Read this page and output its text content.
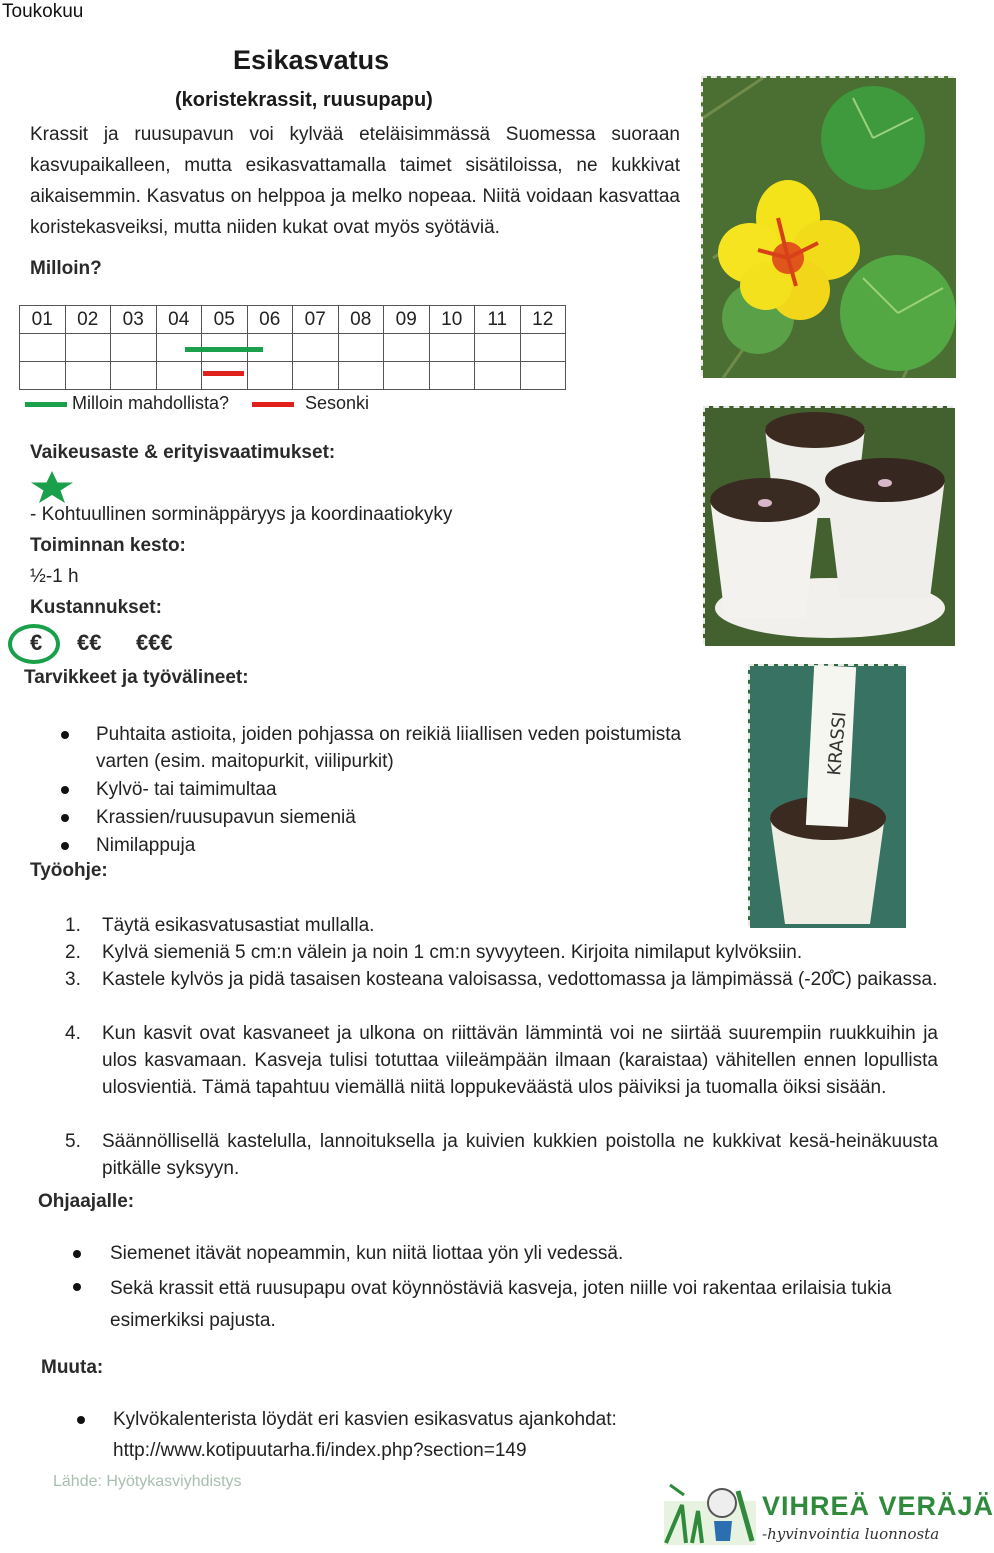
Toukokuu
Esikasvatus
(koristekrassit, ruusupapu)
Krassit ja ruusupavun voi kylvää eteläisimmässä Suomessa suoraan kasvupaikalleen, mutta esikasvattamalla taimet sisätiloissa, ne kukkivat aikaisemmin. Kasvatus on helppoa ja melko nopeaa. Niitä voidaan kasvattaa koristekasveiksi, mutta niiden kukat ovat myös syötäviä.
Milloin?
01	02	03	04	05	06	07	08	09	10	11	12

Milloin mahdollista?	Sesonki
Vaikeusaste & erityisvaatimukset:
- Kohtuullinen sorminäppäryys ja koordinaatiokyky
Toiminnan kesto:
½-1 h
Kustannukset:
€ €€ €€€
Tarvikkeet ja työvälineet:
Puhtaita astioita, joiden pohjassa on reikiä liiallisen veden poistumista
varten (esim. maitopurkit, viilipurkit)
Kylvö- tai taimimultaa
Krassien/ruusupavun siemeniä
Nimilappuja
Työohje:
1. Täytä esikasvatusastiat mullalla.
2. Kylvä siemeniä 5 cm:n välein ja noin 1 cm:n syvyyteen. Kirjoita nimilaput kylvöksiin.
3. Kastele kylvös ja pidä tasaisen kosteana valoisassa, vedottomassa ja lämpimässä (-20̊C) paikassa.
4. Kun kasvit ovat kasvaneet ja ulkona on riittävän lämmintä voi ne siirtää suurempiin ruukkuihin ja ulos kasvamaan. Kasveja tulisi totuttaa viileämpään ilmaan (karaistaa) vähitellen ennen lopullista ulosvientiä. Tämä tapahtuu viemällä niitä loppukeväästä ulos päiviksi ja tuomalla öiksi sisään.
5. Säännöllisellä kastelulla, lannoituksella ja kuivien kukkien poistolla ne kukkivat kesä-heinäkuusta pitkälle syksyyn.
Ohjaajalle:
Siemenet itävät nopeammin, kun niitä liottaa yön yli vedessä.
Sekä krassit että ruusupapu ovat köynnöstäviä kasveja, joten niille voi rakentaa erilaisia tukia esimerkiksi pajusta.
Muuta:
Kylvökalenterista löydät eri kasvien esikasvatus ajankohdat:
http://www.kotipuutarha.fi/index.php?section=149
Lähde: Hyötykasviyhdistys
KRASSI
VIHREÄ VERÄJÄ
-hyvinvointia luonnosta
